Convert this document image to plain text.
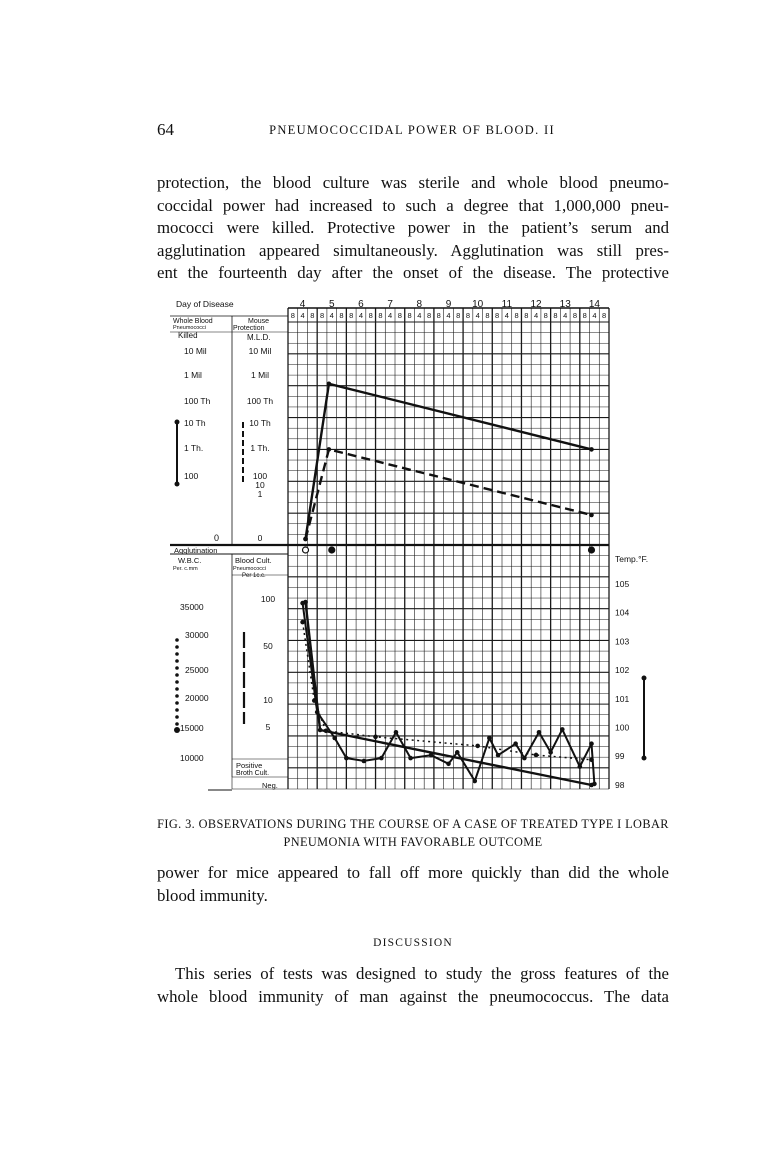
64	PNEUMOCOCCIDAL POWER OF BLOOD. II
protection, the blood culture was sterile and whole blood pneumo-
coccidal power had increased to such a degree that 1,000,000 pneu-
mococci were killed. Protective power in the patient’s serum and
agglutination appeared simultaneously. Agglutination was still pres-
ent the fourteenth day after the onset of the disease. The protective
4 5 6 7 8 9 10 11 12 13 14
8 4 8 8 4 8 8 4 8 8 4 8 8 4 8 8 4 8 8 4 8 8 4 8 8 4 8 8 4 8 8 4 8
Day of Disease
Whole Blood
Pneumococci
Killed
Mouse
Protection
M.L.D.
10 Mil
1 Mil
100 Th
10 Th
1 Th.
100
0
10 Mil
1 Mil
100 Th
10 Th
1 Th.
100
10
1
0
Agglutination
W.B.C.
Per. c.mm
Blood Cult.
Pneumococci
Per 1c.c.
35000
30000
25000
20000
15000
10000
100
50
10
5
Positive
Broth Cult.
Neg.
Temp.°F.
105
104
103
102
101
100
99
98
FIG. 3. OBSERVATIONS DURING THE COURSE OF A CASE OF TREATED TYPE I LOBAR
PNEUMONIA WITH FAVORABLE OUTCOME
power for mice appeared to fall off more quickly than did the whole
blood immunity.
DISCUSSION
This series of tests was designed to study the gross features of the
whole blood immunity of man against the pneumococcus. The data
